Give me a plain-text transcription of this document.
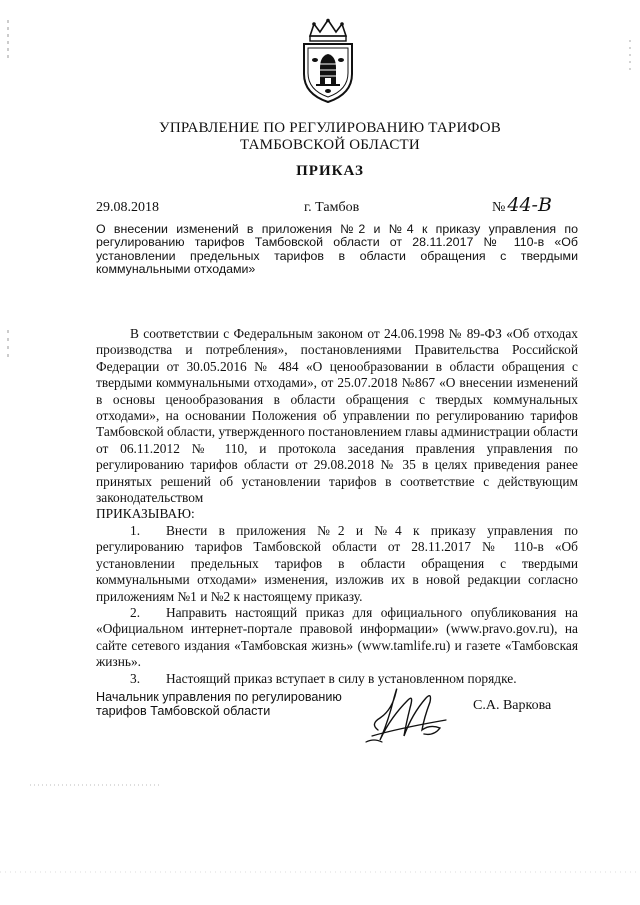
УПРАВЛЕНИЕ ПО РЕГУЛИРОВАНИЮ ТАРИФОВ
ТАМБОВСКОЙ ОБЛАСТИ
ПРИКАЗ
29.08.2018	г. Тамбов	№ 44-В
О внесении изменений в приложения №2 и №4 к приказу управления по регулированию тарифов Тамбовской области от 28.11.2017 № 110-в «Об установлении предельных тарифов в области обращения с твердыми коммунальными отходами»

В соответствии с Федеральным законом от 24.06.1998 № 89-ФЗ «Об отходах производства и потребления», постановлениями Правительства Российской Федерации от 30.05.2016 № 484 «О ценообразовании в области обращения с твердыми коммунальными отходами», от 25.07.2018 №867 «О внесении изменений в основы ценообразования в области обращения с твердых коммунальных отходами», на основании Положения об управлении по регулированию тарифов Тамбовской области, утвержденного постановлением главы администрации области от 06.11.2012 № 110, и протокола заседания правления управления по регулированию тарифов области от 29.08.2018 № 35 в целях приведения ранее принятых решений об установлении тарифов в соответствие с действующим законодательством

ПРИКАЗЫВАЮ:

1. Внести в приложения №2 и №4 к приказу управления по регулированию тарифов Тамбовской области от 28.11.2017 № 110-в «Об установлении предельных тарифов в области обращения с твердыми коммунальными отходами» изменения, изложив их в новой редакции согласно приложениям №1 и №2 к настоящему приказу.

2. Направить настоящий приказ для официального опубликования на «Официальном интернет-портале правовой информации» (www.pravo.gov.ru), на сайте сетевого издания «Тамбовская жизнь» (www.tamlife.ru) и газете «Тамбовская жизнь».

3. Настоящий приказ вступает в силу в установленном порядке.

Начальник управления по регулированию
тарифов Тамбовской области	С.А. Варкова
